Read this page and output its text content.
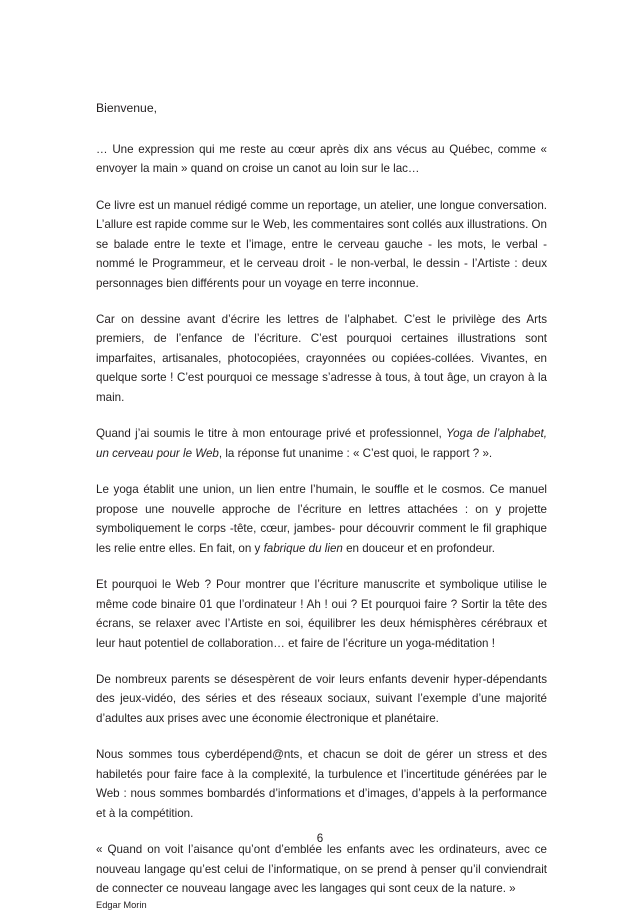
Bienvenue,

… Une expression qui me reste au cœur après dix ans vécus au Québec, comme « envoyer la main » quand on croise un canot au loin sur le lac…

Ce livre est un manuel rédigé comme un reportage, un atelier, une longue conversation. L’allure est rapide comme sur le Web, les commentaires sont collés aux illustrations. On se balade entre le texte et l’image, entre le cerveau gauche - les mots, le verbal - nommé le Programmeur, et le cerveau droit - le non-verbal, le dessin - l’Artiste : deux personnages bien différents pour un voyage en terre inconnue.

Car on dessine avant d’écrire les lettres de l’alphabet. C’est le privilège des Arts premiers, de l’enfance de l’écriture. C’est pourquoi certaines illustrations sont imparfaites, artisanales, photocopiées, crayonnées ou copiées-collées. Vivantes, en quelque sorte ! C’est pourquoi ce message s’adresse à tous, à tout âge, un crayon à la main.

Quand j’ai soumis le titre à mon entourage privé et professionnel, Yoga de l’alphabet, un cerveau pour le Web, la réponse fut unanime : « C’est quoi, le rapport ? ».

Le yoga établit une union, un lien entre l’humain, le souffle et le cosmos. Ce manuel propose une nouvelle approche de l’écriture en lettres attachées : on y projette symboliquement le corps -tête, cœur, jambes- pour découvrir comment le fil graphique les relie entre elles. En fait, on y fabrique du lien en douceur et en profondeur.

Et pourquoi le Web ? Pour montrer que l’écriture manuscrite et symbolique utilise le même code binaire 01 que l’ordinateur ! Ah ! oui ? Et pourquoi faire ? Sortir la tête des écrans, se relaxer avec l’Artiste en soi, équilibrer les deux hémisphères cérébraux et leur haut potentiel de collaboration… et faire de l’écriture un yoga-méditation !

De nombreux parents se désespèrent de voir leurs enfants devenir hyper-dépendants des jeux-vidéo, des séries et des réseaux sociaux, suivant l’exemple d’une majorité d’adultes aux prises avec une économie électronique et planétaire.

Nous sommes tous cyberdépend@nts, et chacun se doit de gérer un stress et des habiletés pour faire face à la complexité, la turbulence et l’incertitude générées par le Web : nous sommes bombardés d’informations et d’images, d’appels à la performance et à la compétition.

« Quand on voit l’aisance qu’ont d’emblée les enfants avec les ordinateurs, avec ce nouveau langage qu’est celui de l’informatique, on se prend à penser qu’il conviendrait de connecter ce nouveau langage avec les langages qui sont ceux de la nature. »

Edgar Morin

6
